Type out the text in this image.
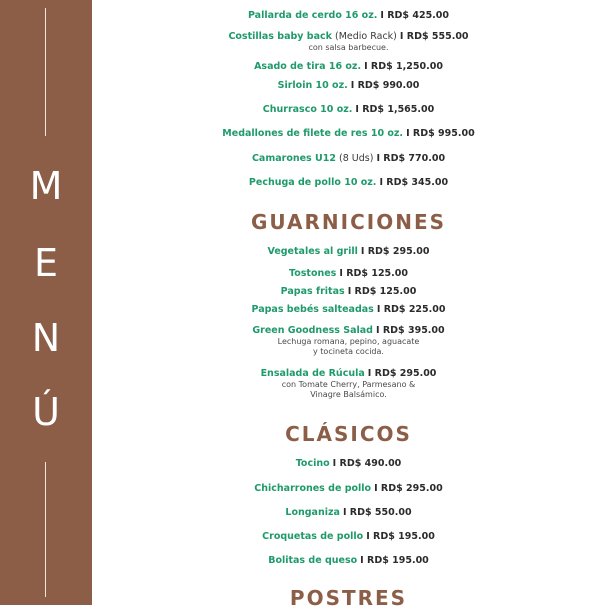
M
E
N
Ú
Pallarda de cerdo 16 oz. I RD$ 425.00
Costillas baby back (Medio Rack) I RD$ 555.00
con salsa barbecue.
Asado de tira 16 oz. I RD$ 1,250.00
Sirloin 10 oz. I RD$ 990.00
Churrasco 10 oz. I RD$ 1,565.00
Medallones de filete de res 10 oz. I RD$ 995.00
Camarones U12 (8 Uds) I RD$ 770.00
Pechuga de pollo 10 oz. I RD$ 345.00
GUARNICIONES
Vegetales al grill I RD$ 295.00
Tostones I RD$ 125.00
Papas fritas I RD$ 125.00
Papas bebés salteadas I RD$ 225.00
Green Goodness Salad I RD$ 395.00
Lechuga romana, pepino, aguacate
y tocineta cocida.
Ensalada de Rúcula I RD$ 295.00
con Tomate Cherry, Parmesano &
Vinagre Balsámico.
CLÁSICOS
Tocino I RD$ 490.00
Chicharrones de pollo I RD$ 295.00
Longaniza I RD$ 550.00
Croquetas de pollo I RD$ 195.00
Bolitas de queso I RD$ 195.00
POSTRES
